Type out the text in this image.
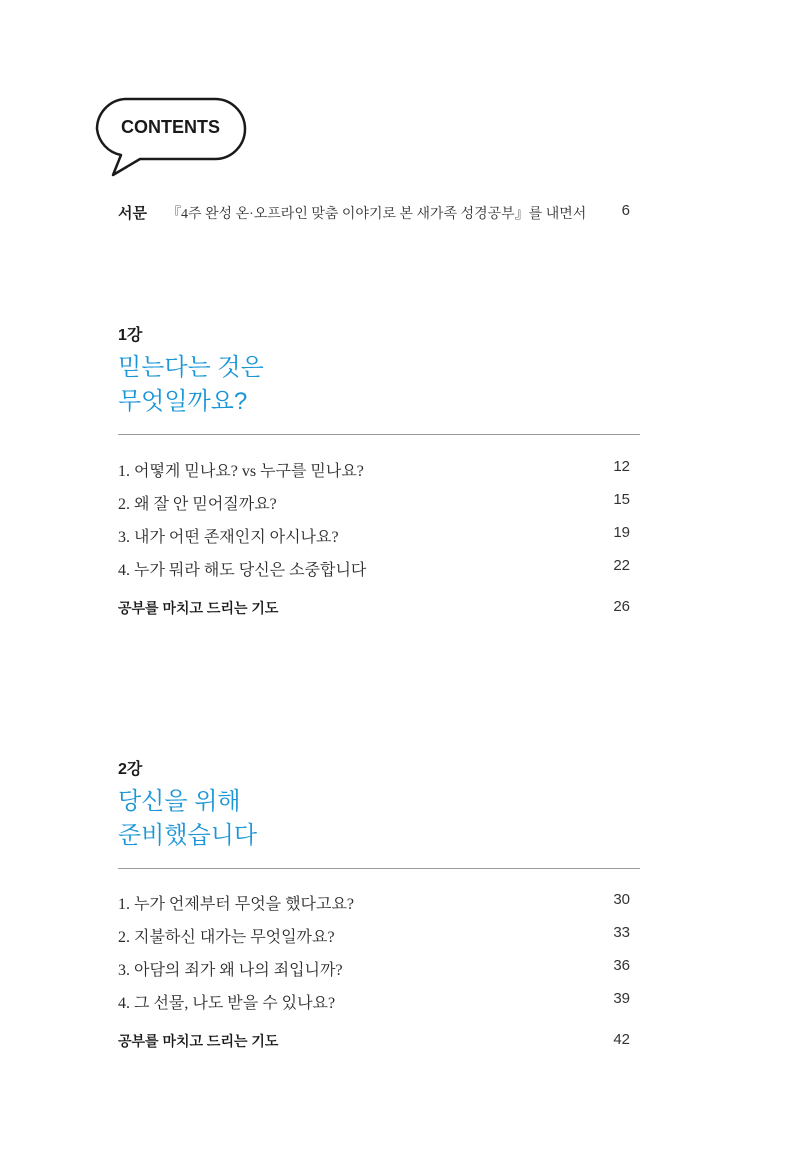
CONTENTS
서문 『4주 완성 온·오프라인 맞춤 이야기로 본 새가족 성경공부』를 내면서 6

1강

믿는다는 것은
무엇일까요?
1. 어떻게 믿나요? vs 누구를 믿나요?	12
2. 왜 잘 안 믿어질까요?	15
3. 내가 어떤 존재인지 아시나요?	19
4. 누가 뭐라 해도 당신은 소중합니다	22
공부를 마치고 드리는 기도	26

2강

당신을 위해
준비했습니다
1. 누가 언제부터 무엇을 했다고요?	30
2. 지불하신 대가는 무엇일까요?	33
3. 아담의 죄가 왜 나의 죄입니까?	36
4. 그 선물, 나도 받을 수 있나요?	39
공부를 마치고 드리는 기도	42
